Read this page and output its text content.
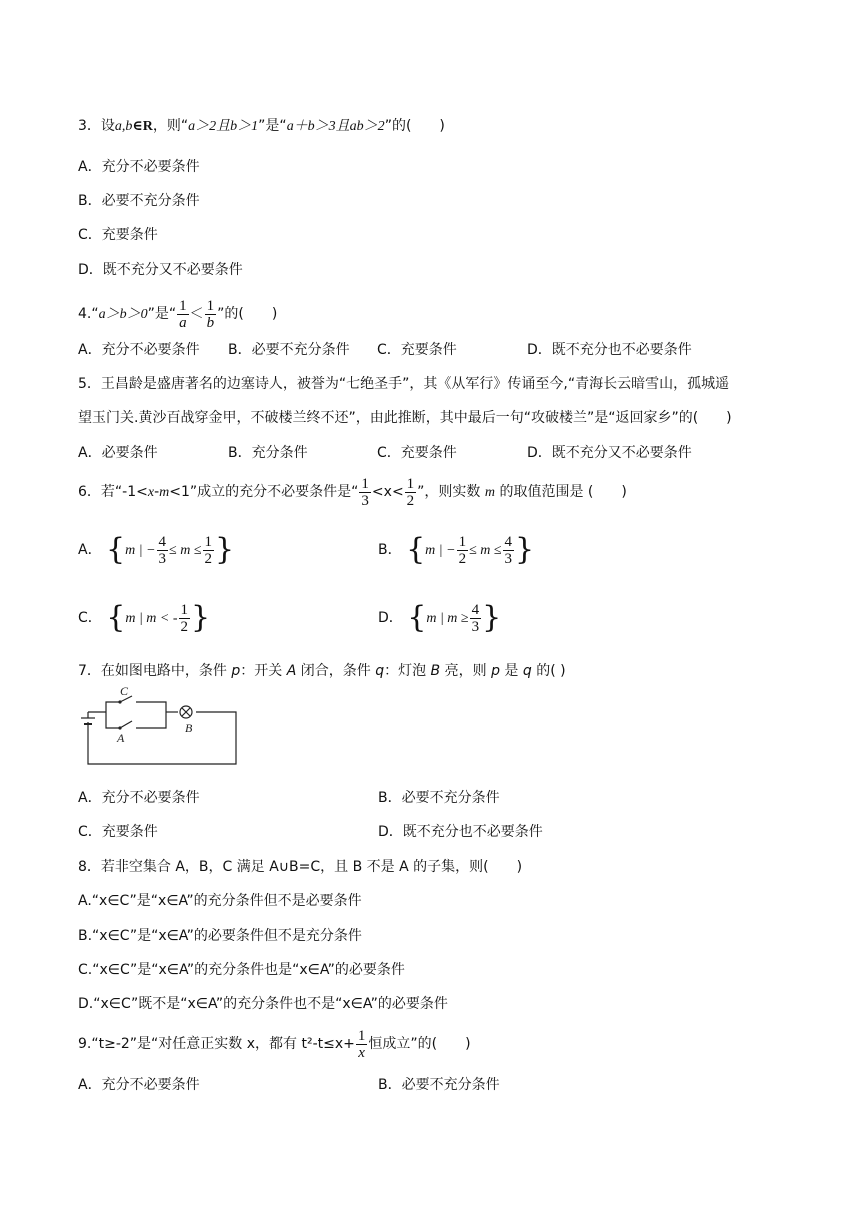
3．设a,b∈R，则“a＞2且b＞1”是“a＋b＞3且ab＞2”的(　　)
A．充分不必要条件
B．必要不充分条件
C．充要条件
D．既不充分又不必要条件
4.“a＞b＞0”是“ $\frac{1}{a} < \frac{1}{b}$ ”的(　　)
A．充分不必要条件 B．必要不充分条件 C．充要条件	D．既不充分也不必要条件
5．王昌龄是盛唐著名的边塞诗人，被誉为“七绝圣手”，其《从军行》传诵至今,“青海长云暗雪山，孤城遥
望玉门关.黄沙百战穿金甲，不破楼兰终不还”，由此推断，其中最后一句“攻破楼兰”是“返回家乡”的(　　)
A．必要条件	B．充分条件	C．充要条件	D．既不充分又不必要条件
6．若“-1<x-m<1”成立的充分不必要条件是“ $\frac{1}{3} <x< \frac{1}{2}$ ”，则实数 m 的取值范围是 (　　)
A． {m | − $\frac{4}{3} \le m \le \frac{1}{2}$ }	B． {m | − $\frac{1}{2} \le m \le \frac{4}{3}$ }
C． {m | m < - $\frac{1}{2}$ }	D． {m | $m \ge \frac{4}{3}$ }
7．在如图电路中，条件 p：开关 A 闭合，条件 q：灯泡 B 亮，则 p 是 q 的( )
C
A
B
A．充分不必要条件	B．必要不充分条件
C．充要条件	D．既不充分也不必要条件
8．若非空集合 A，B，C 满足 A∪B=C，且 B 不是 A 的子集，则(　　)
A.“x∈C”是“x∈A”的充分条件但不是必要条件
B.“x∈C”是“x∈A”的必要条件但不是充分条件
C.“x∈C”是“x∈A”的充分条件也是“x∈A”的必要条件
D.“x∈C”既不是“x∈A”的充分条件也不是“x∈A”的必要条件
9.“t≥-2”是“对任意正实数 x，都有 $t^2-t\le x+ \frac{1}{x}$ 恒成立”的(　　)
A．充分不必要条件	B．必要不充分条件
